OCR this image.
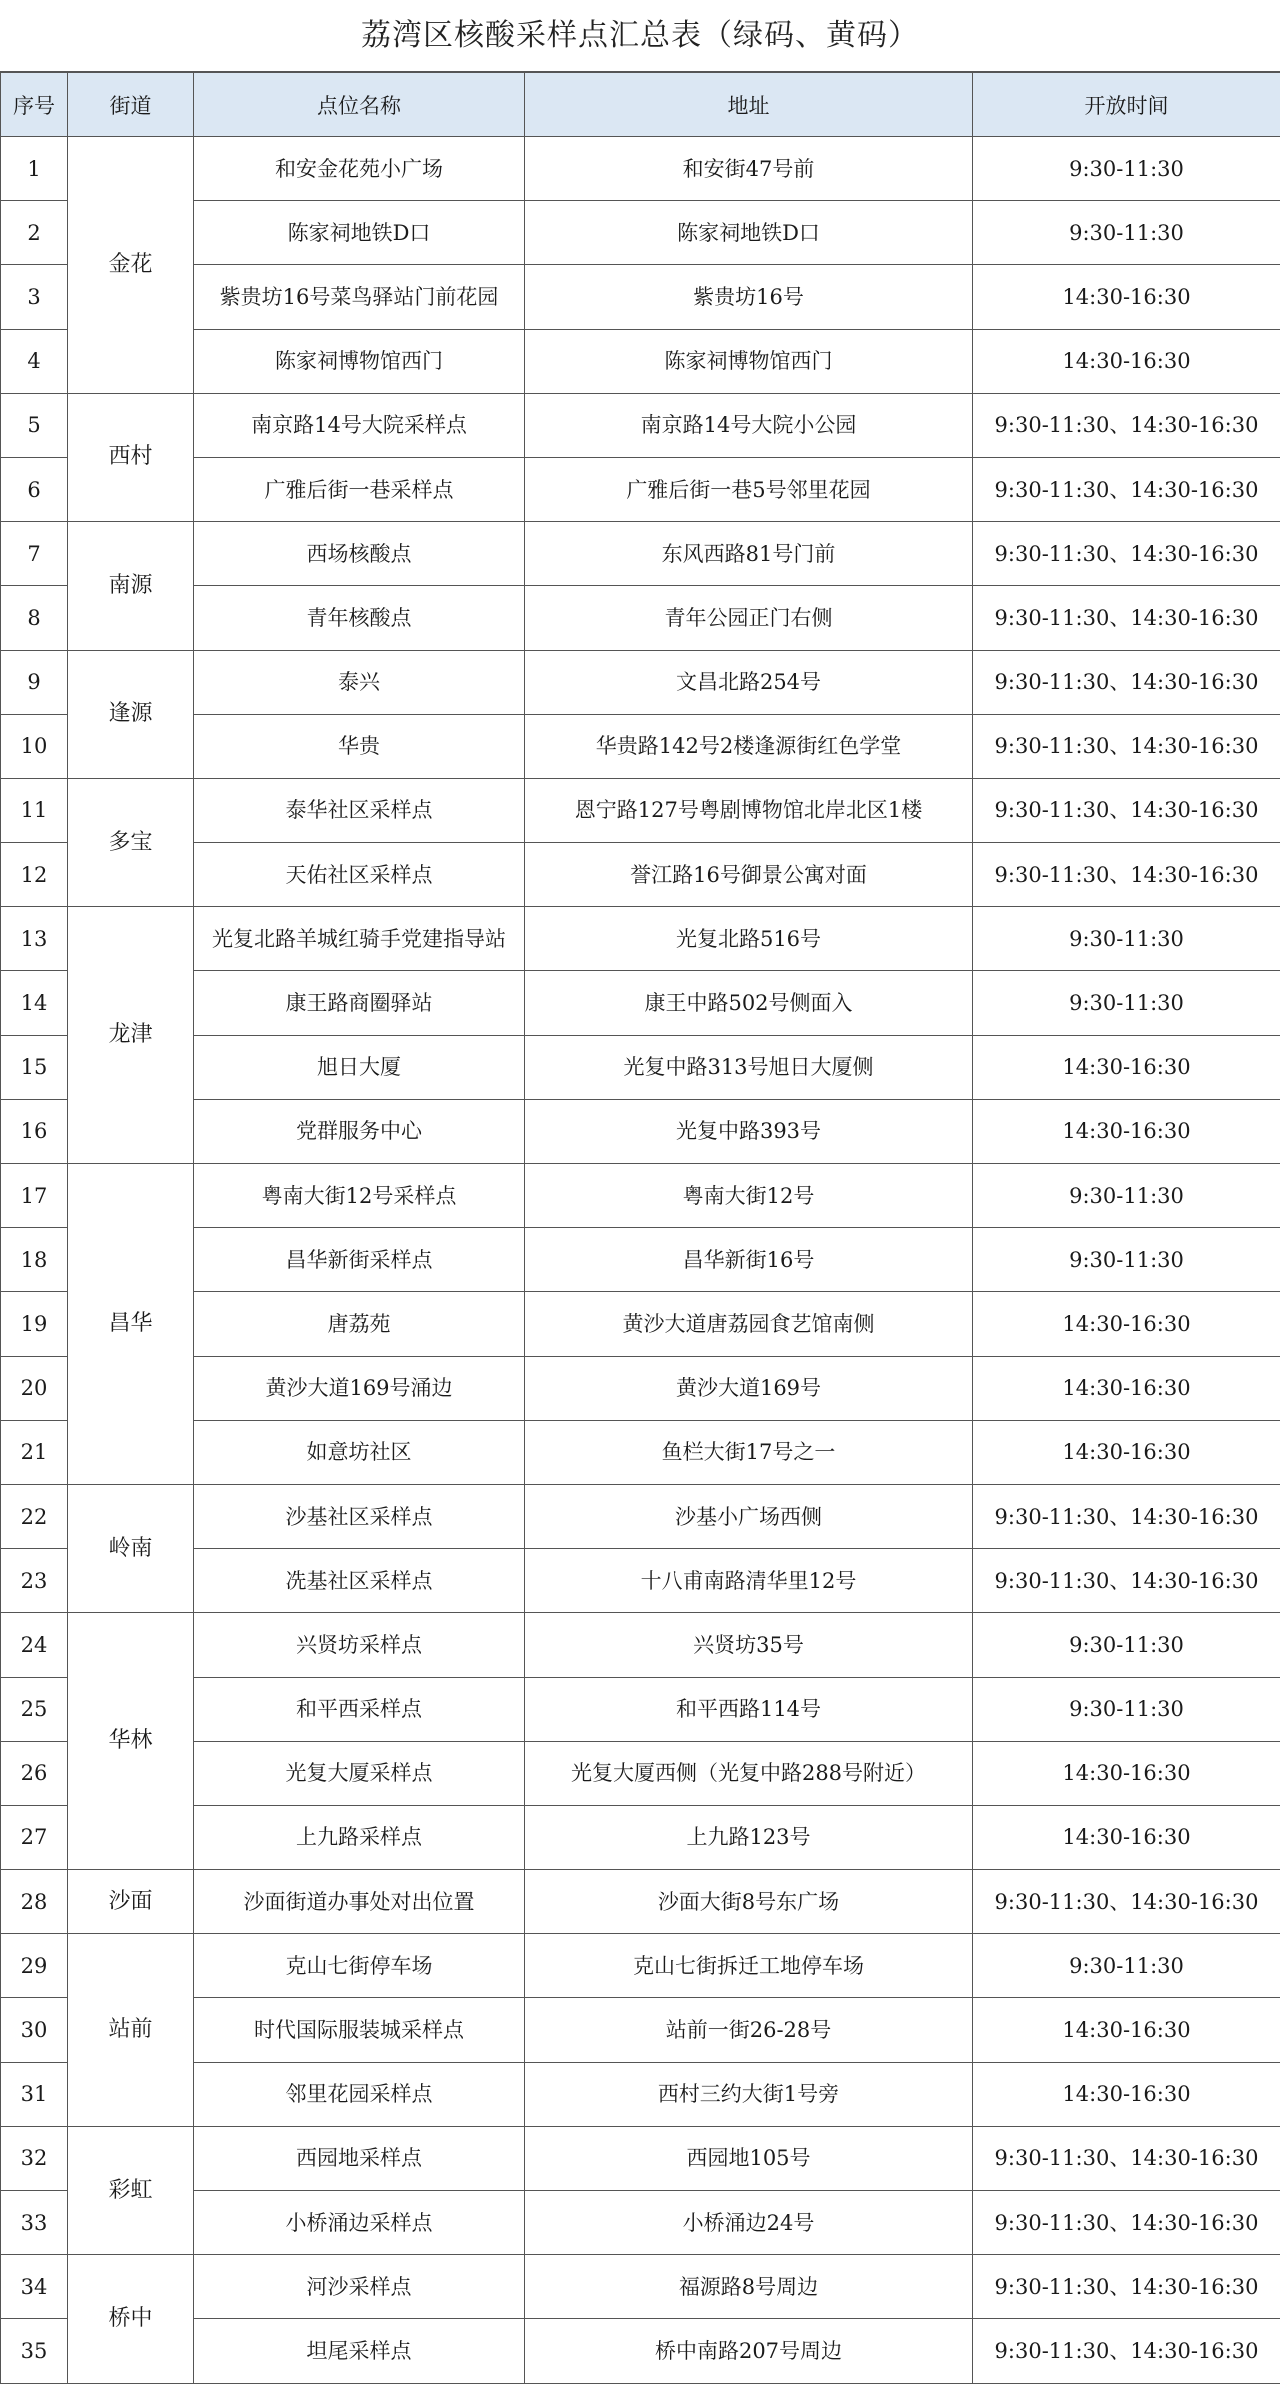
荔湾区核酸采样点汇总表（绿码、黄码）
序号	街道	点位名称	地址	开放时间
1	金花	和安金花苑小广场	和安街47号前	9:30-11:30
2		陈家祠地铁D口	陈家祠地铁D口	9:30-11:30
3		紫贵坊16号菜鸟驿站门前花园	紫贵坊16号	14:30-16:30
4		陈家祠博物馆西门	陈家祠博物馆西门	14:30-16:30
5	西村	南京路14号大院采样点	南京路14号大院小公园	9:30-11:30、14:30-16:30
6		广雅后街一巷采样点	广雅后街一巷5号邻里花园	9:30-11:30、14:30-16:30
7	南源	西场核酸点	东风西路81号门前	9:30-11:30、14:30-16:30
8		青年核酸点	青年公园正门右侧	9:30-11:30、14:30-16:30
9	逢源	泰兴	文昌北路254号	9:30-11:30、14:30-16:30
10		华贵	华贵路142号2楼逢源街红色学堂	9:30-11:30、14:30-16:30
11	多宝	泰华社区采样点	恩宁路127号粤剧博物馆北岸北区1楼	9:30-11:30、14:30-16:30
12		天佑社区采样点	誉江路16号御景公寓对面	9:30-11:30、14:30-16:30
13	龙津	光复北路羊城红骑手党建指导站	光复北路516号	9:30-11:30
14		康王路商圈驿站	康王中路502号侧面入	9:30-11:30
15		旭日大厦	光复中路313号旭日大厦侧	14:30-16:30
16		党群服务中心	光复中路393号	14:30-16:30
17	昌华	粤南大街12号采样点	粤南大街12号	9:30-11:30
18		昌华新街采样点	昌华新街16号	9:30-11:30
19		唐荔苑	黄沙大道唐荔园食艺馆南侧	14:30-16:30
20		黄沙大道169号涌边	黄沙大道169号	14:30-16:30
21		如意坊社区	鱼栏大街17号之一	14:30-16:30
22	岭南	沙基社区采样点	沙基小广场西侧	9:30-11:30、14:30-16:30
23		冼基社区采样点	十八甫南路清华里12号	9:30-11:30、14:30-16:30
24	华林	兴贤坊采样点	兴贤坊35号	9:30-11:30
25		和平西采样点	和平西路114号	9:30-11:30
26		光复大厦采样点	光复大厦西侧（光复中路288号附近）	14:30-16:30
27		上九路采样点	上九路123号	14:30-16:30
28	沙面	沙面街道办事处对出位置	沙面大街8号东广场	9:30-11:30、14:30-16:30
29	站前	克山七街停车场	克山七街拆迁工地停车场	9:30-11:30
30		时代国际服装城采样点	站前一街26-28号	14:30-16:30
31		邻里花园采样点	西村三约大街1号旁	14:30-16:30
32	彩虹	西园地采样点	西园地105号	9:30-11:30、14:30-16:30
33		小桥涌边采样点	小桥涌边24号	9:30-11:30、14:30-16:30
34	桥中	河沙采样点	福源路8号周边	9:30-11:30、14:30-16:30
35		坦尾采样点	桥中南路207号周边	9:30-11:30、14:30-16:30
